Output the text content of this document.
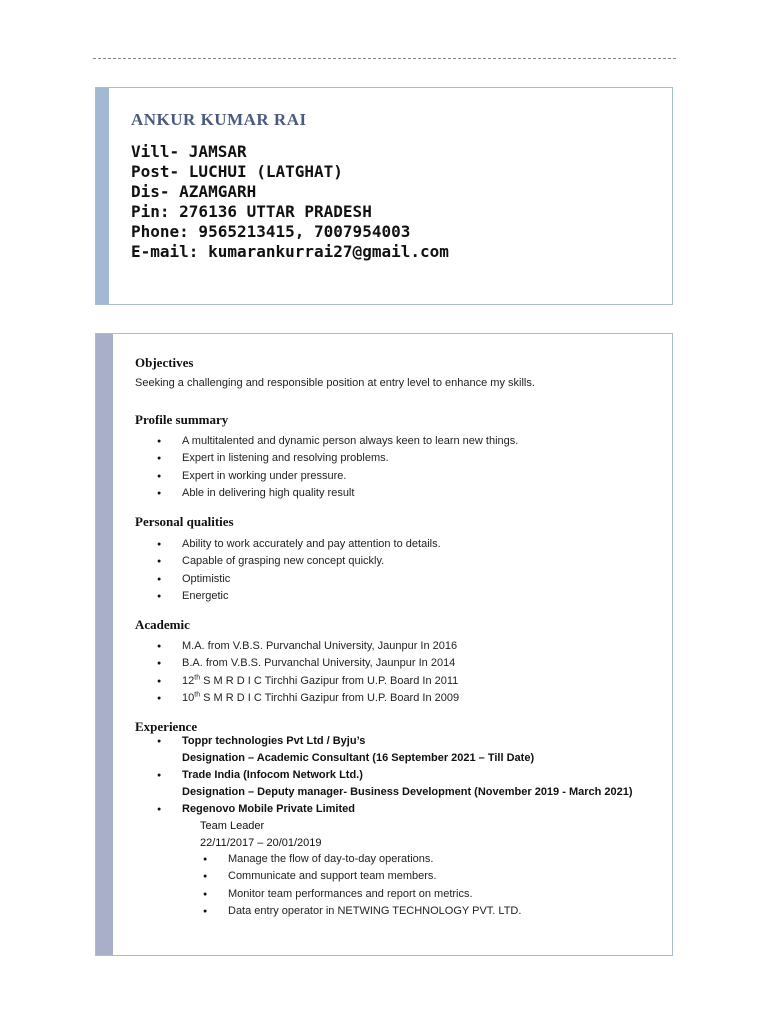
ANKUR KUMAR RAI
Vill- JAMSAR
Post- LUCHUI (LATGHAT)
Dis- AZAMGARH
Pin: 276136 UTTAR PRADESH
Phone: 9565213415, 7007954003
E-mail: kumarankurrai27@gmail.com
Objectives
Seeking a challenging and responsible position at entry level to enhance my skills.
Profile summary
● A multitalented and dynamic person always keen to learn new things.
● Expert in listening and resolving problems.
● Expert in working under pressure.
● Able in delivering high quality result
Personal qualities
● Ability to work accurately and pay attention to details.
● Capable of grasping new concept quickly.
● Optimistic
● Energetic
Academic
● M.A. from V.B.S. Purvanchal University, Jaunpur In 2016
● B.A. from V.B.S. Purvanchal University, Jaunpur In 2014
● 12th S M R D I C Tirchhi Gazipur from U.P. Board In 2011
● 10th S M R D I C Tirchhi Gazipur from U.P. Board In 2009
Experience
● Toppr technologies Pvt Ltd / Byju’s
Designation – Academic Consultant (16 September 2021 – Till Date)
● Trade India (Infocom Network Ltd.)
Designation – Deputy manager- Business Development (November 2019 - March 2021)
● Regenovo Mobile Private Limited
Team Leader
22/11/2017 – 20/01/2019
● Manage the flow of day-to-day operations.
● Communicate and support team members.
● Monitor team performances and report on metrics.
● Data entry operator in NETWING TECHNOLOGY PVT. LTD.
